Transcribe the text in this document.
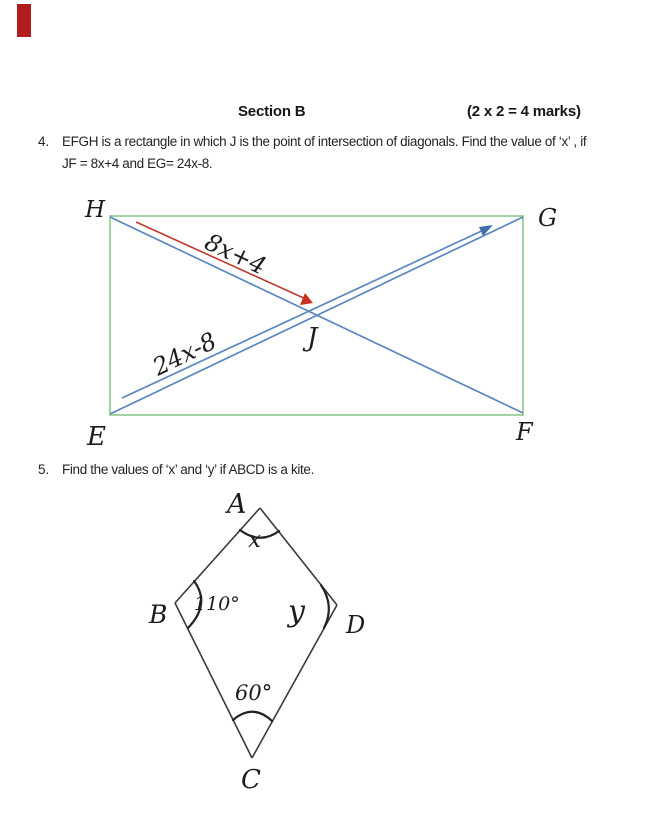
Section B	(2 x 2 = 4 marks)
4. EFGH is a rectangle in which J is the point of intersection of diagonals. Find the value of ‘x’ , if
JF = 8x+4 and EG= 24x-8.
H	G
E	F
J
8x+4
24x-8
5. Find the values of ‘x’ and ‘y’ if ABCD is a kite.
A
B	D
C
x
110° y
60°
